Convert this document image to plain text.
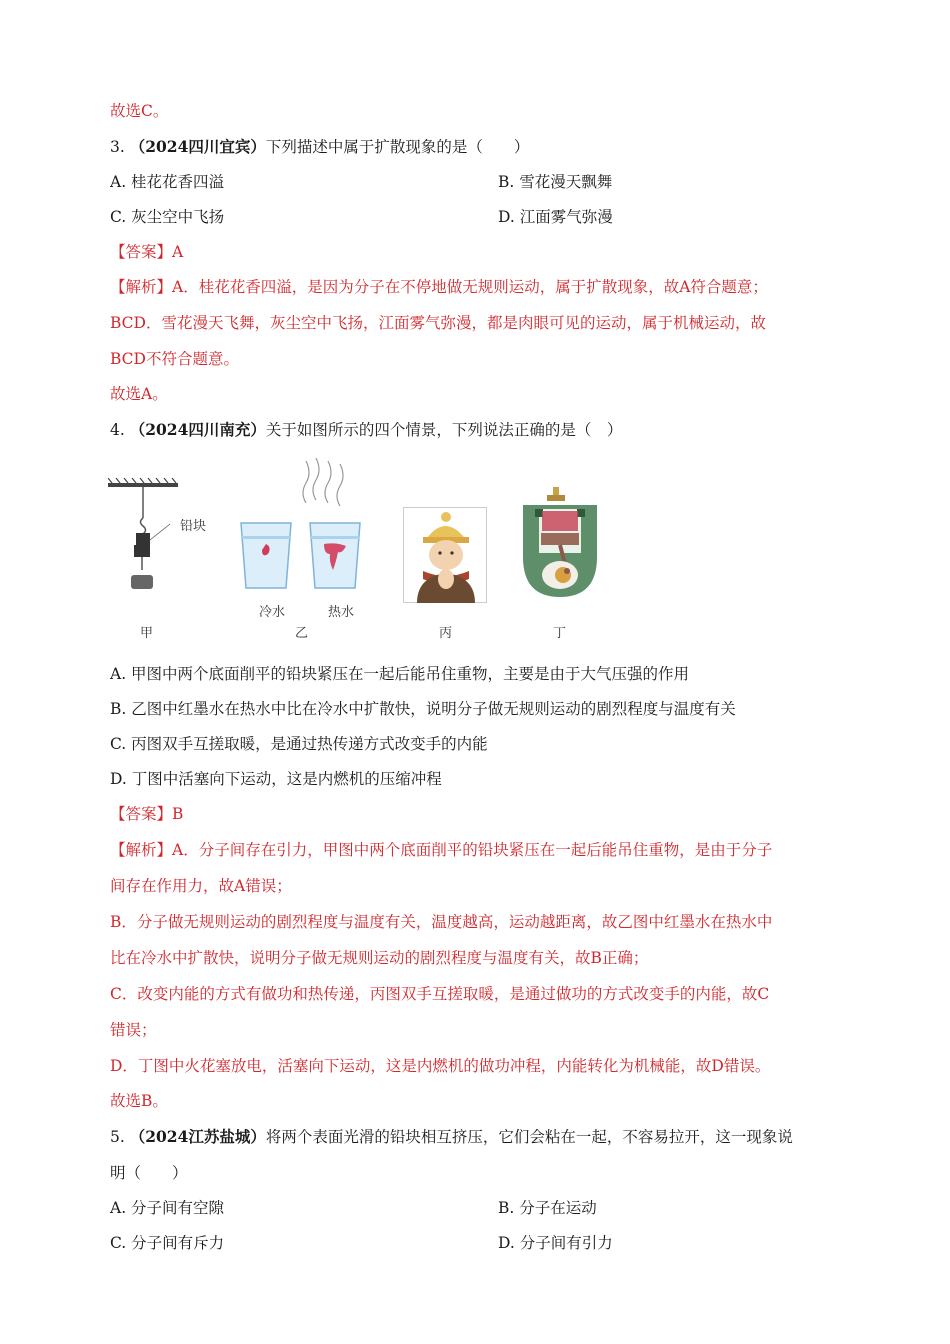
故选C。
3. （2024四川宜宾）下列描述中属于扩散现象的是（　　）
A. 桂花花香四溢	B. 雪花漫天飘舞
C. 灰尘空中飞扬	D. 江面雾气弥漫
【答案】A
【解析】A．桂花花香四溢，是因为分子在不停地做无规则运动，属于扩散现象，故A符合题意；
BCD．雪花漫天飞舞，灰尘空中飞扬，江面雾气弥漫，都是肉眼可见的运动，属于机械运动，故
BCD不符合题意。
故选A。
4. （2024四川南充）关于如图所示的四个情景，下列说法正确的是（　）
铅块
冷水	热水
甲	乙	丙	丁
A. 甲图中两个底面削平的铅块紧压在一起后能吊住重物，主要是由于大气压强的作用
B. 乙图中红墨水在热水中比在冷水中扩散快，说明分子做无规则运动的剧烈程度与温度有关
C. 丙图双手互搓取暖，是通过热传递方式改变手的内能
D. 丁图中活塞向下运动，这是内燃机的压缩冲程
【答案】B
【解析】A．分子间存在引力，甲图中两个底面削平的铅块紧压在一起后能吊住重物，是由于分子
间存在作用力，故A错误；
B．分子做无规则运动的剧烈程度与温度有关，温度越高，运动越距离，故乙图中红墨水在热水中
比在冷水中扩散快，说明分子做无规则运动的剧烈程度与温度有关，故B正确；
C．改变内能的方式有做功和热传递，丙图双手互搓取暖，是通过做功的方式改变手的内能，故C
错误；
D．丁图中火花塞放电，活塞向下运动，这是内燃机的做功冲程，内能转化为机械能，故D错误。
故选B。
5. （2024江苏盐城）将两个表面光滑的铅块相互挤压，它们会粘在一起，不容易拉开，这一现象说
明（　　）
A. 分子间有空隙	B. 分子在运动
C. 分子间有斥力	D. 分子间有引力
